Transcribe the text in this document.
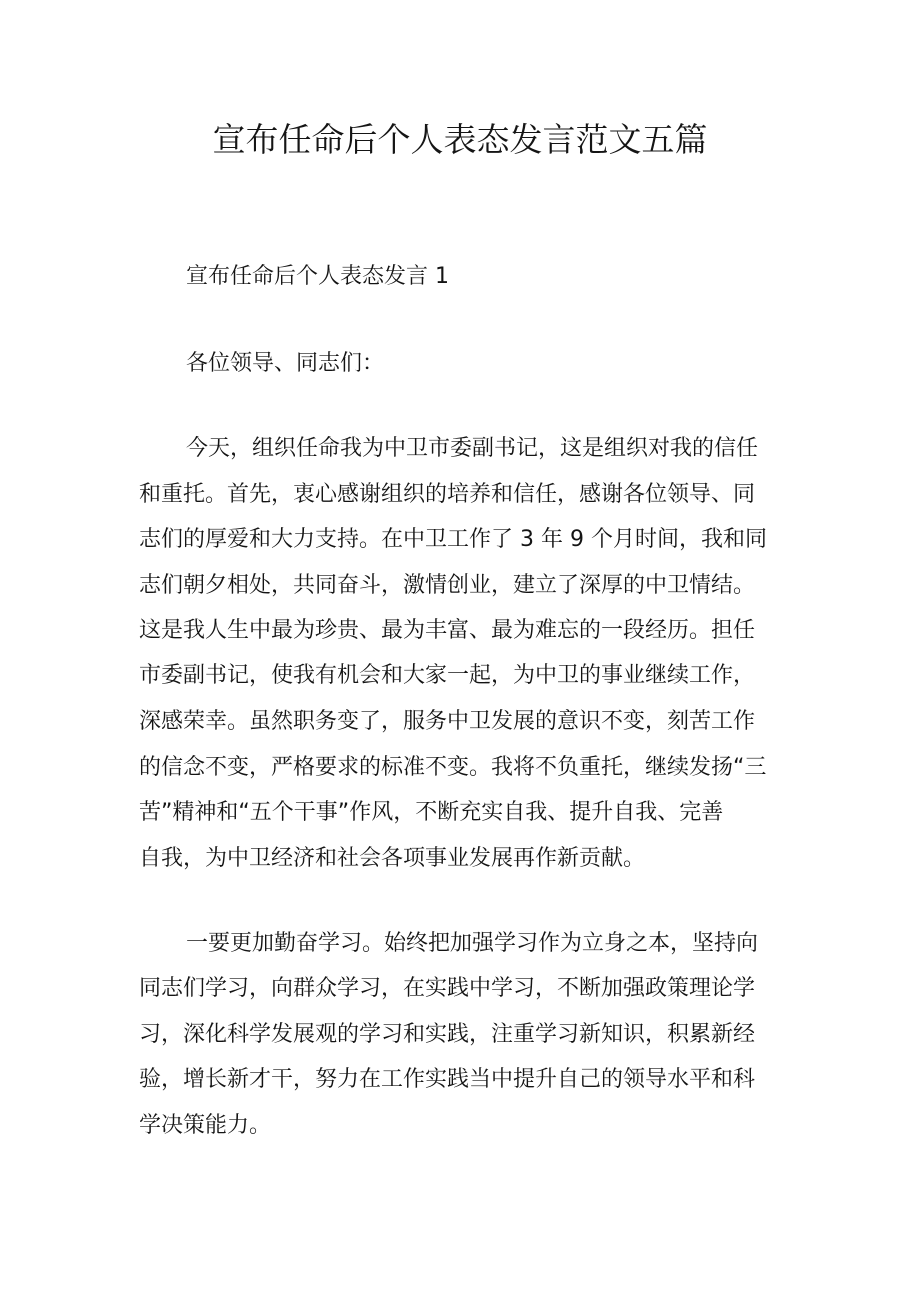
宣布任命后个人表态发言范文五篇
宣布任命后个人表态发言 1
各位领导、同志们：
今天，组织任命我为中卫市委副书记，这是组织对我的信任
和重托。首先，衷心感谢组织的培养和信任，感谢各位领导、同
志们的厚爱和大力支持。在中卫工作了 3 年 9 个月时间，我和同
志们朝夕相处，共同奋斗，激情创业，建立了深厚的中卫情结。
这是我人生中最为珍贵、最为丰富、最为难忘的一段经历。担任
市委副书记，使我有机会和大家一起，为中卫的事业继续工作，
深感荣幸。虽然职务变了，服务中卫发展的意识不变，刻苦工作
的信念不变，严格要求的标准不变。我将不负重托，继续发扬“三
苦”精神和“五个干事”作风，不断充实自我、提升自我、完善
自我，为中卫经济和社会各项事业发展再作新贡献。
一要更加勤奋学习。始终把加强学习作为立身之本，坚持向
同志们学习，向群众学习，在实践中学习，不断加强政策理论学
习，深化科学发展观的学习和实践，注重学习新知识，积累新经
验，增长新才干，努力在工作实践当中提升自己的领导水平和科
学决策能力。
